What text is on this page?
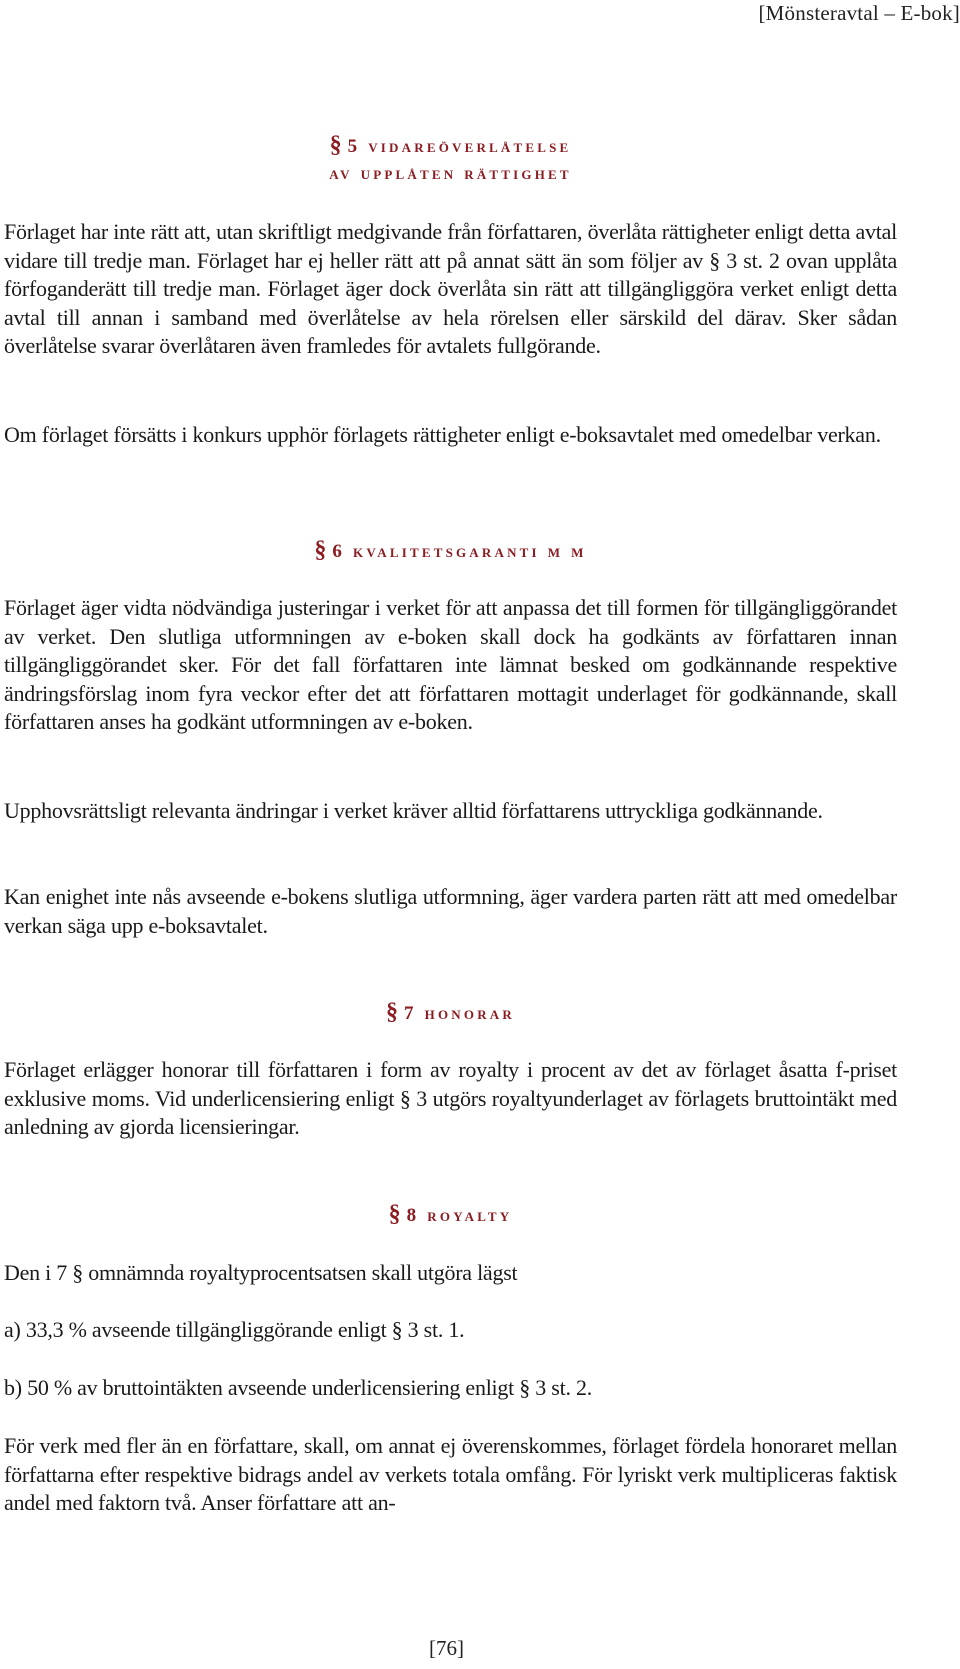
[Mönsteravtal – E-bok]
§ 5 vidareöverlåtelse
av upplåten rättighet

Förlaget har inte rätt att, utan skriftligt medgivande från författaren, överlåta rättigheter enligt detta avtal vidare till tredje man. Förlaget har ej heller rätt att på annat sätt än som följer av § 3 st. 2 ovan upplåta förfoganderätt till tredje man. Förlaget äger dock överlåta sin rätt att tillgängliggöra verket enligt detta avtal till annan i samband med överlåtelse av hela rörelsen eller särskild del därav. Sker sådan överlåtelse svarar överlåtaren även framledes för avtalets fullgörande.

Om förlaget försätts i konkurs upphör förlagets rättigheter enligt e-boksavtalet med omedelbar verkan.

§ 6 kvalitetsgaranti m m

Förlaget äger vidta nödvändiga justeringar i verket för att anpassa det till formen för tillgängliggörandet av verket. Den slutliga utformningen av e-boken skall dock ha godkänts av författaren innan tillgängliggörandet sker. För det fall författaren inte lämnat besked om godkännande respektive ändringsförslag inom fyra veckor efter det att författaren mottagit underlaget för godkännande, skall författaren anses ha godkänt utformningen av e-boken.

Upphovsrättsligt relevanta ändringar i verket kräver alltid författarens uttryckliga godkännande.

Kan enighet inte nås avseende e-bokens slutliga utformning, äger vardera parten rätt att med omedelbar verkan säga upp e-boksavtalet.

§ 7 honorar

Förlaget erlägger honorar till författaren i form av royalty i procent av det av förlaget åsatta f-priset exklusive moms. Vid underlicensiering enligt § 3 utgörs royaltyunderlaget av förlagets bruttointäkt med anledning av gjorda licensieringar.

§ 8 royalty

Den i 7 § omnämnda royaltyprocentsatsen skall utgöra lägst

a) 33,3 % avseende tillgängliggörande enligt § 3 st. 1.

b) 50 % av bruttointäkten avseende underlicensiering enligt § 3 st. 2.

För verk med fler än en författare, skall, om annat ej överenskommes, förlaget fördela honoraret mellan författarna efter respektive bidrags andel av verkets totala omfång. För lyriskt verk multipliceras faktisk andel med faktorn två. Anser författare att an-

[76]
